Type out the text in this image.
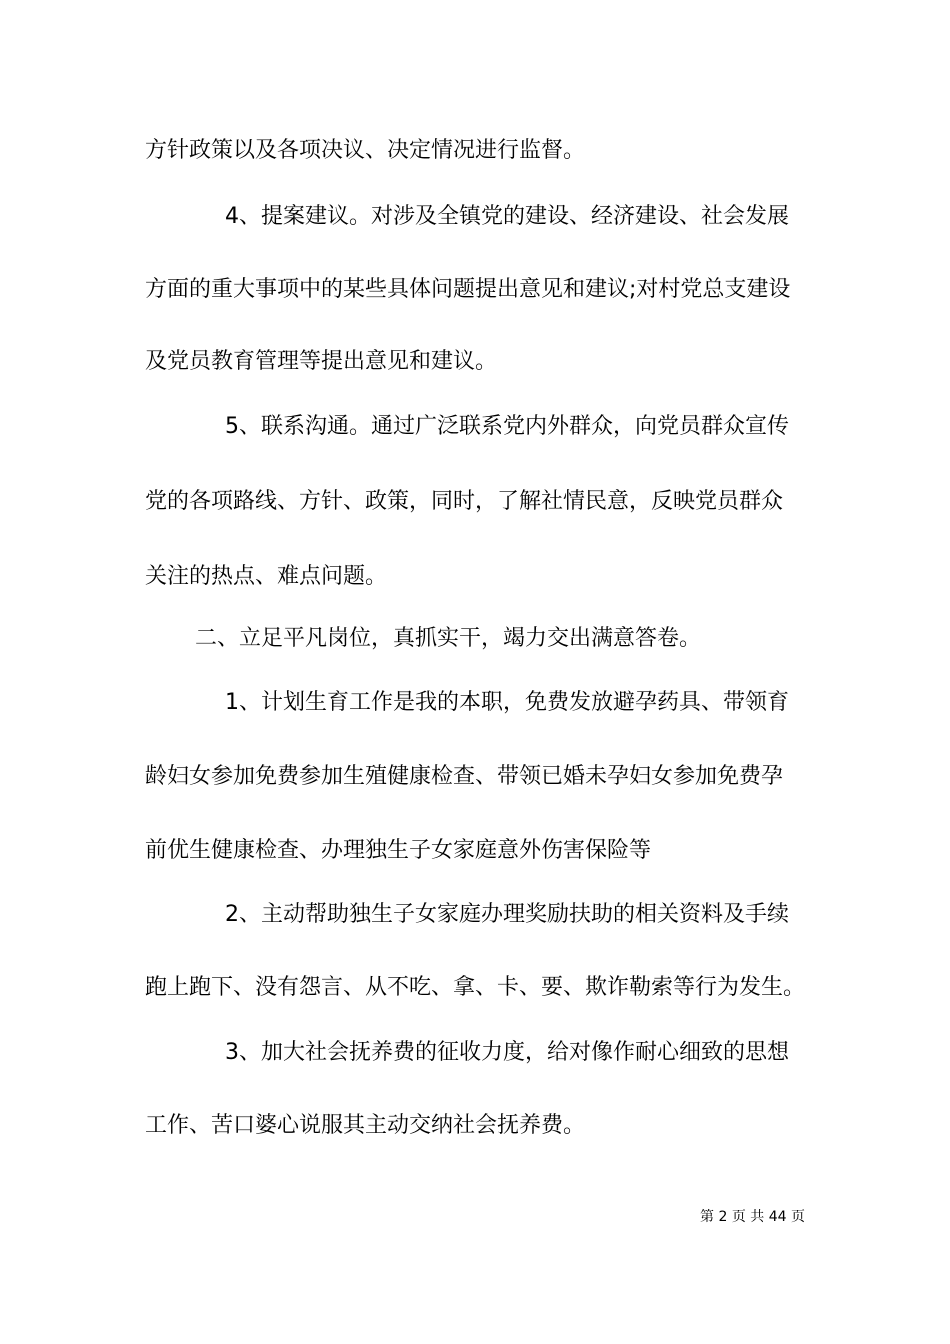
方针政策以及各项决议、决定情况进行监督。
4、提案建议。对涉及全镇党的建设、经济建设、社会发展
方面的重大事项中的某些具体问题提出意见和建议;对村党总支建设
及党员教育管理等提出意见和建议。
5、联系沟通。通过广泛联系党内外群众，向党员群众宣传
党的各项路线、方针、政策，同时，了解社情民意，反映党员群众
关注的热点、难点问题。
二、立足平凡岗位，真抓实干，竭力交出满意答卷。
1、计划生育工作是我的本职，免费发放避孕药具、带领育
龄妇女参加免费参加生殖健康检查、带领已婚未孕妇女参加免费孕
前优生健康检查、办理独生子女家庭意外伤害保险等
2、主动帮助独生子女家庭办理奖励扶助的相关资料及手续
跑上跑下、没有怨言、从不吃、拿、卡、要、欺诈勒索等行为发生。
3、加大社会抚养费的征收力度，给对像作耐心细致的思想
工作、苦口婆心说服其主动交纳社会抚养费。
第 2 页 共 44 页
